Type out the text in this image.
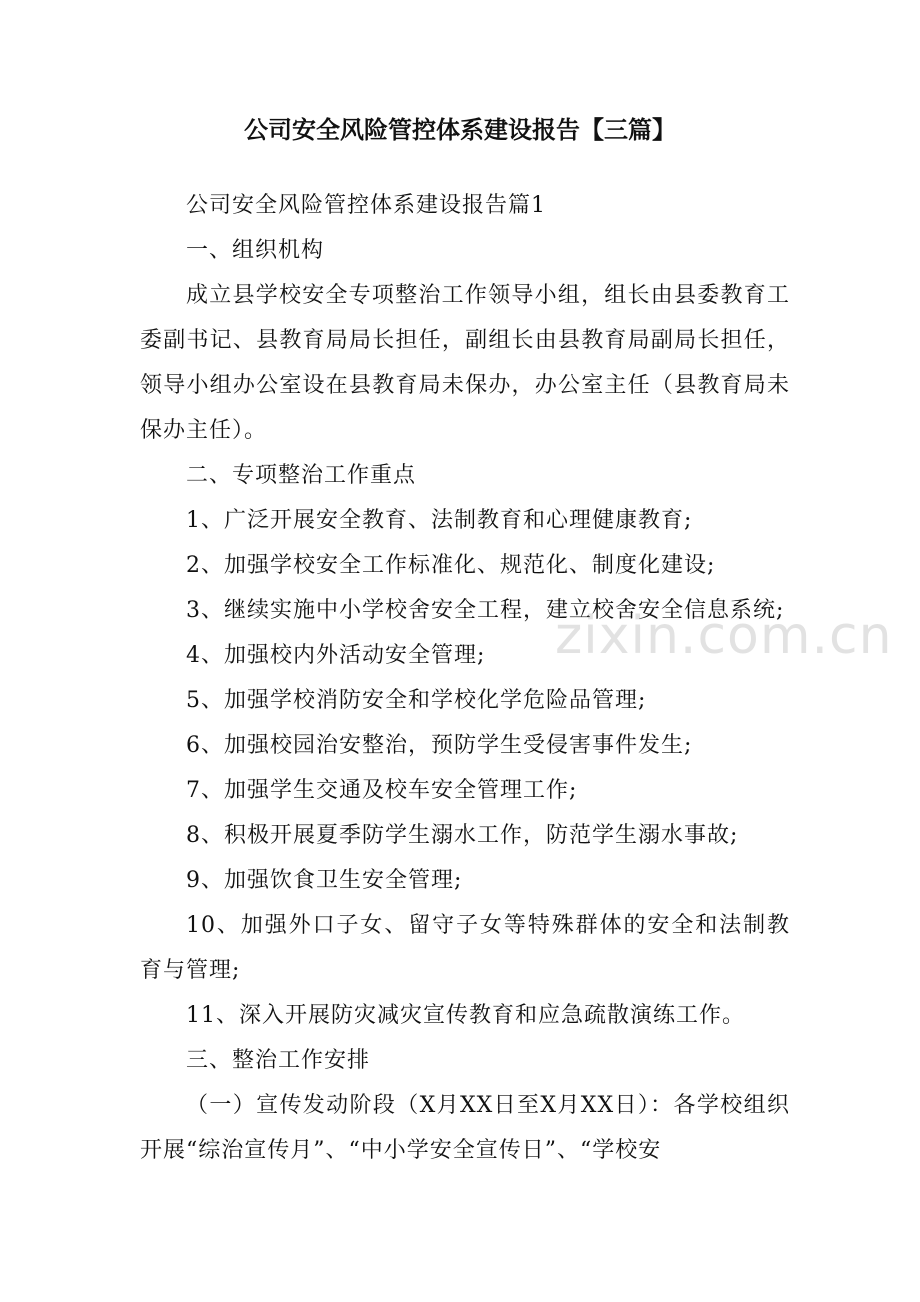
公司安全风险管控体系建设报告【三篇】

公司安全风险管控体系建设报告篇1

一、组织机构

成立县学校安全专项整治工作领导小组，组长由县委教育工委副书记、县教育局局长担任，副组长由县教育局副局长担任，领导小组办公室设在县教育局未保办，办公室主任（县教育局未保办主任）。

二、专项整治工作重点

1、广泛开展安全教育、法制教育和心理健康教育;

2、加强学校安全工作标准化、规范化、制度化建设;

3、继续实施中小学校舍安全工程，建立校舍安全信息系统;

4、加强校内外活动安全管理;

5、加强学校消防安全和学校化学危险品管理;

6、加强校园治安整治，预防学生受侵害事件发生;

7、加强学生交通及校车安全管理工作;

8、积极开展夏季防学生溺水工作，防范学生溺水事故;

9、加强饮食卫生安全管理;

10、加强外口子女、留守子女等特殊群体的安全和法制教育与管理;

11、深入开展防灾减灾宣传教育和应急疏散演练工作。

三、整治工作安排

（一）宣传发动阶段（X月XX日至X月XX日）：各学校组织开展“综治宣传月”、“中小学安全宣传日”、“学校安

zixin.com.cn
